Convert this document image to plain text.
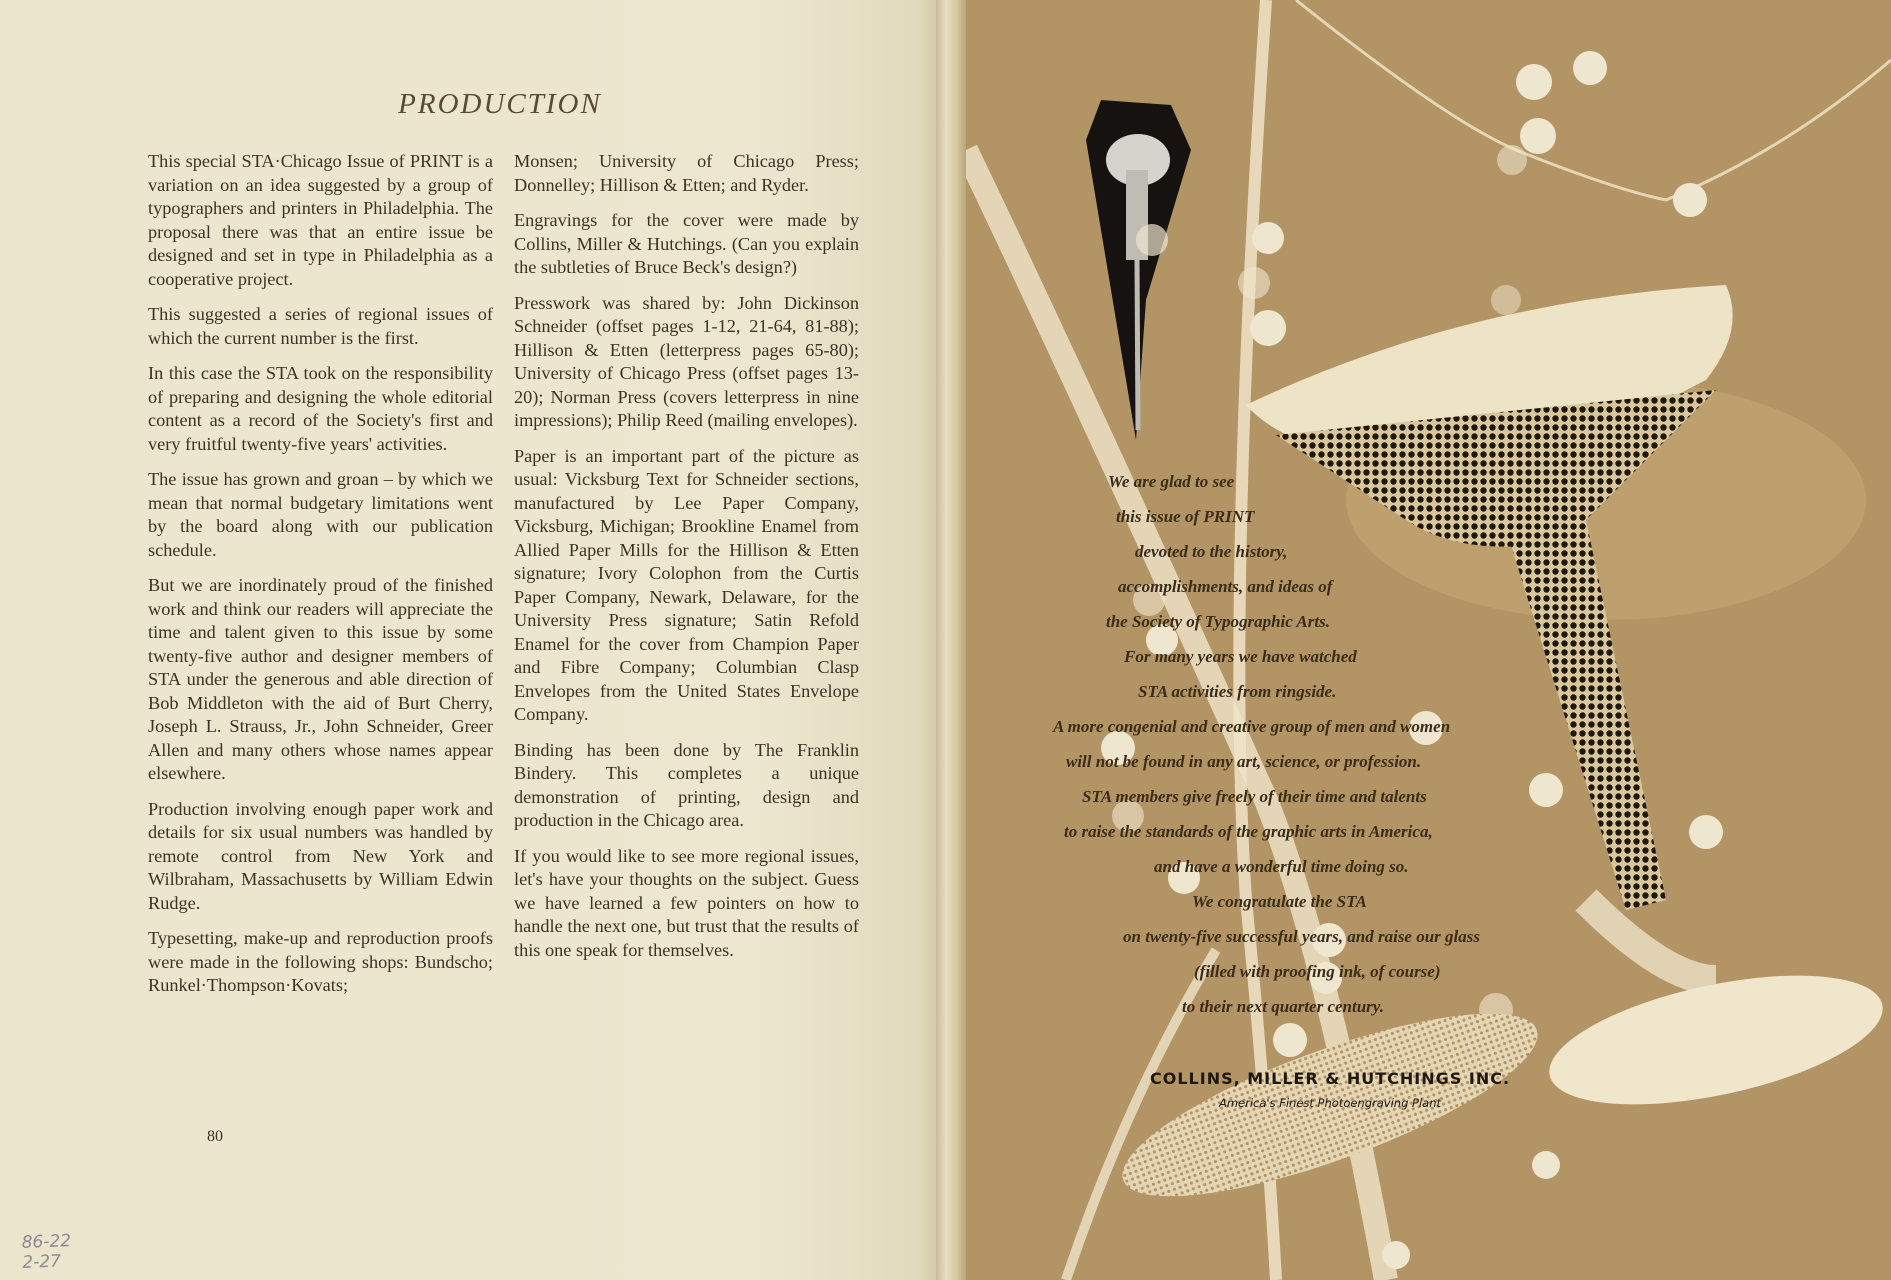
PRODUCTION

This special STA·Chicago Issue of PRINT is a variation on an idea suggested by a group of typographers and printers in Philadelphia. The proposal there was that an entire issue be designed and set in type in Philadelphia as a cooperative project.

This suggested a series of regional issues of which the current number is the first.

In this case the STA took on the responsibility of preparing and designing the whole editorial content as a record of the Society's first and very fruitful twenty-five years' activities.

The issue has grown and groan – by which we mean that normal budgetary limitations went by the board along with our publication schedule.

But we are inordinately proud of the finished work and think our readers will appreciate the time and talent given to this issue by some twenty-five author and designer members of STA under the generous and able direction of Bob Middleton with the aid of Burt Cherry, Joseph L. Strauss, Jr., John Schneider, Greer Allen and many others whose names appear elsewhere.

Production involving enough paper work and details for six usual numbers was handled by remote control from New York and Wilbraham, Massachusetts by William Edwin Rudge.

Typesetting, make-up and reproduction proofs were made in the following shops: Bundscho; Runkel·Thompson·Kovats;

Monsen; University of Chicago Press; Donnelley; Hillison & Etten; and Ryder.

Engravings for the cover were made by Collins, Miller & Hutchings. (Can you explain the subtleties of Bruce Beck's design?)

Presswork was shared by: John Dickinson Schneider (offset pages 1-12, 21-64, 81-88); Hillison & Etten (letterpress pages 65-80); University of Chicago Press (offset pages 13-20); Norman Press (covers letterpress in nine impressions); Philip Reed (mailing envelopes).

Paper is an important part of the picture as usual: Vicksburg Text for Schneider sections, manufactured by Lee Paper Company, Vicksburg, Michigan; Brookline Enamel from Allied Paper Mills for the Hillison & Etten signature; Ivory Colophon from the Curtis Paper Company, Newark, Delaware, for the University Press signature; Satin Refold Enamel for the cover from Champion Paper and Fibre Company; Columbian Clasp Envelopes from the United States Envelope Company.

Binding has been done by The Franklin Bindery. This completes a unique demonstration of printing, design and production in the Chicago area.

If you would like to see more regional issues, let's have your thoughts on the subject. Guess we have learned a few pointers on how to handle the next one, but trust that the results of this one speak for themselves.

80
86-22
2-27
We are glad to see
this issue of PRINT
devoted to the history,
accomplishments, and ideas of
the Society of Typographic Arts.
For many years we have watched
STA activities from ringside.
A more congenial and creative group of men and women
will not be found in any art, science, or profession.
STA members give freely of their time and talents
to raise the standards of the graphic arts in America,
and have a wonderful time doing so.
We congratulate the STA
on twenty-five successful years, and raise our glass
(filled with proofing ink, of course)
to their next quarter century.
COLLINS, MILLER & HUTCHINGS INC.
America's Finest Photoengraving Plant
